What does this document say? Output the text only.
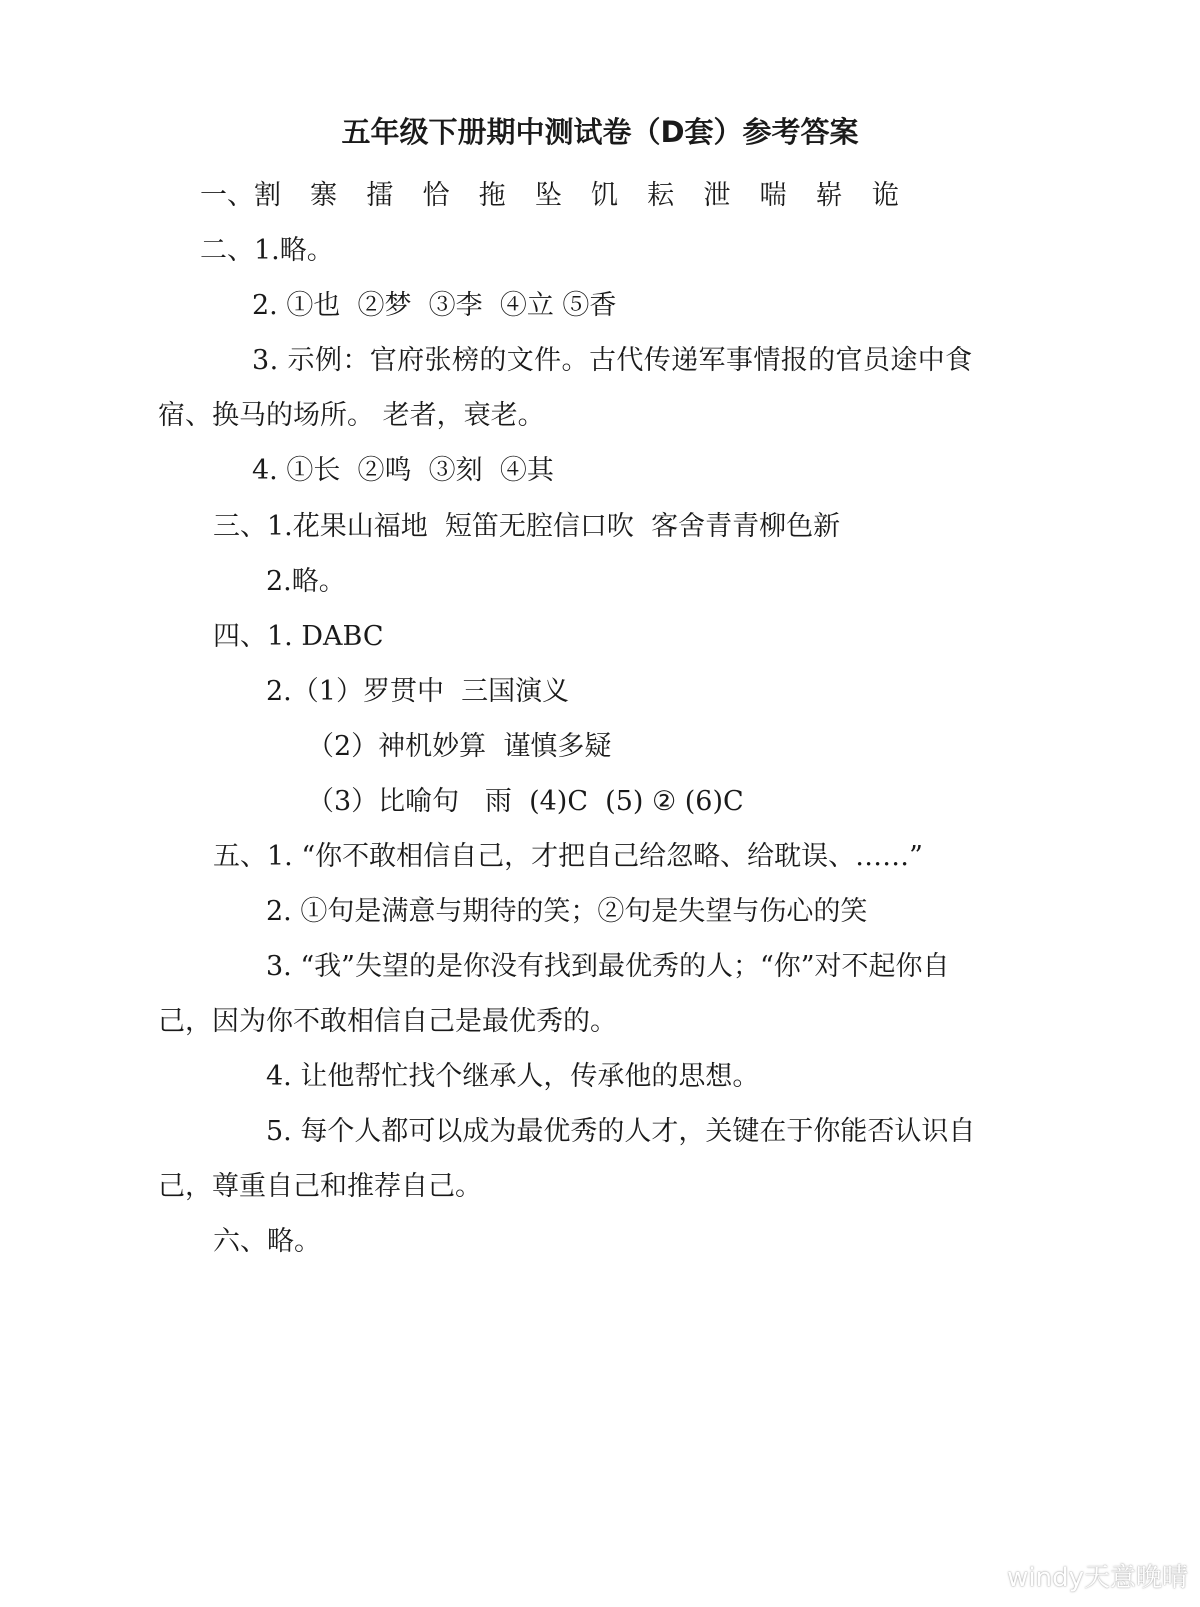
五年级下册期中测试卷（D套）参考答案

一、割  寨  擂  恰  拖  坠  饥  耘  泄  喘  崭  诡

二、1.略。

2. ①也  ②梦  ③李  ④立 ⑤香

3. 示例：官府张榜的文件。古代传递军事情报的官员途中食

宿、换马的场所。 老者，衰老。

4. ①长  ②鸣  ③刻  ④其

三、1.花果山福地  短笛无腔信口吹  客舍青青柳色新

2.略。

四、1. DABC

2.（1）罗贯中  三国演义

（2）神机妙算  谨慎多疑

（3）比喻句   雨  (4)C  (5) ② (6)C

五、1. “你不敢相信自己，才把自己给忽略、给耽误、……”

2. ①句是满意与期待的笑；②句是失望与伤心的笑

3. “我”失望的是你没有找到最优秀的人；“你”对不起你自

己，因为你不敢相信自己是最优秀的。

4. 让他帮忙找个继承人，传承他的思想。

5. 每个人都可以成为最优秀的人才，关键在于你能否认识自

己，尊重自己和推荐自己。

六、略。

windy天意晚晴
